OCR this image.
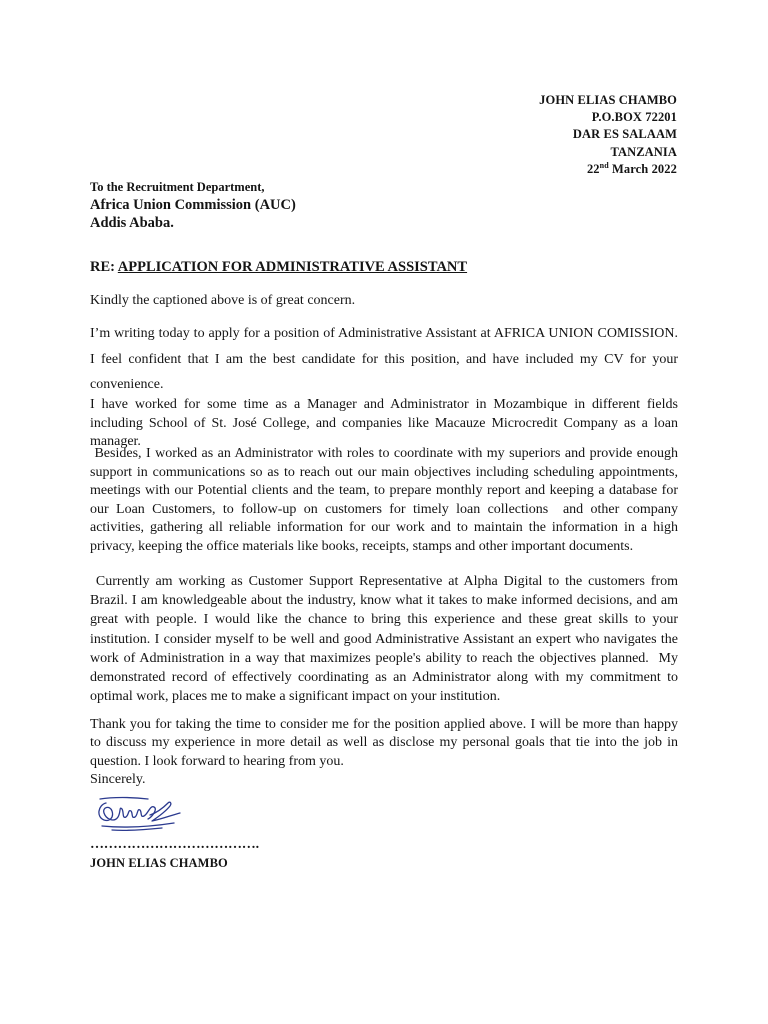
JOHN ELIAS CHAMBO
P.O.BOX 72201
DAR ES SALAAM
TANZANIA
22nd March 2022
To the Recruitment Department,
Africa Union Commission (AUC)
Addis Ababa.
RE: APPLICATION FOR ADMINISTRATIVE ASSISTANT
Kindly the captioned above is of great concern.
I’m writing today to apply for a position of Administrative Assistant at AFRICA UNION COMISSION. I feel confident that I am the best candidate for this position, and have included my CV for your convenience.
I have worked for some time as a Manager and Administrator in Mozambique in different fields including School of St. José College, and companies like Macauze Microcredit Company as a loan manager.
Besides, I worked as an Administrator with roles to coordinate with my superiors and provide enough support in communications so as to reach out our main objectives including scheduling appointments, meetings with our Potential clients and the team, to prepare monthly report and keeping a database for our Loan Customers, to follow-up on customers for timely loan collections  and other company activities, gathering all reliable information for our work and to maintain the information in a high privacy, keeping the office materials like books, receipts, stamps and other important documents.
Currently am working as Customer Support Representative at Alpha Digital to the customers from Brazil. I am knowledgeable about the industry, know what it takes to make informed decisions, and am great with people. I would like the chance to bring this experience and these great skills to your institution. I consider myself to be well and good Administrative Assistant an expert who navigates the work of Administration in a way that maximizes people's ability to reach the objectives planned.  My demonstrated record of effectively coordinating as an Administrator along with my commitment to optimal work, places me to make a significant impact on your institution.
Thank you for taking the time to consider me for the position applied above. I will be more than happy to discuss my experience in more detail as well as disclose my personal goals that tie into the job in question. I look forward to hearing from you.
Sincerely.
……………………………….
JOHN ELIAS CHAMBO
